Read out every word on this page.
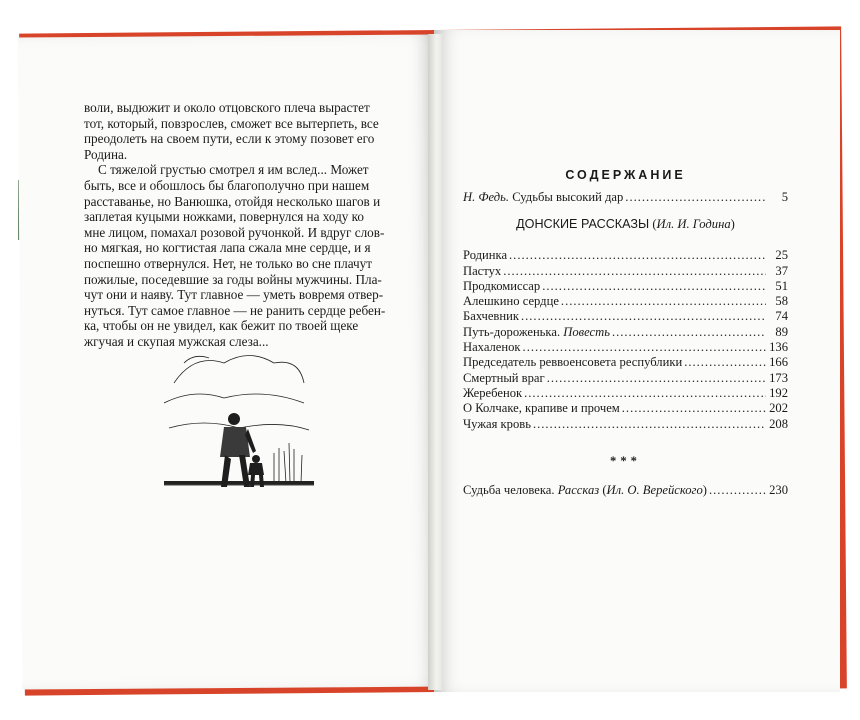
воли, выдюжит и около отцовского плеча вырастет
тот, который, повзрослев, сможет все вытерпеть, все
преодолеть на своем пути, если к этому позовет его
Родина.

С тяжелой грустью смотрел я им вслед... Может
быть, все и обошлось бы благополучно при нашем
расставанье, но Ванюшка, отойдя несколько шагов и
заплетая куцыми ножками, повернулся на ходу ко
мне лицом, помахал розовой ручонкой. И вдруг слов-
но мягкая, но когтистая лапа сжала мне сердце, и я
поспешно отвернулся. Нет, не только во сне плачут
пожилые, поседевшие за годы войны мужчины. Пла-
чут они и наяву. Тут главное — уметь вовремя отвер-
нуться. Тут самое главное — не ранить сердце ребен-
ка, чтобы он не увидел, как бежит по твоей щеке
жгучая и скупая мужская слеза...

СОДЕРЖАНИЕ
Н. Федь. Судьбы высокий дар .....	5
ДОНСКИЕ РАССКАЗЫ (Ил. И. Година)
Родинка .....	25
Пастух .....	37
Продкомиссар .....	51
Алешкино сердце .....	58
Бахчевник .....	74
Путь-дороженька. Повесть .....	89
Нахаленок .....	136
Председатель реввоенсовета республики .....	166
Смертный враг .....	173
Жеребенок .....	192
О Колчаке, крапиве и прочем .....	202
Чужая кровь .....	208
***
Судьба человека. Рассказ (Ил. О. Верейского) .....	230
